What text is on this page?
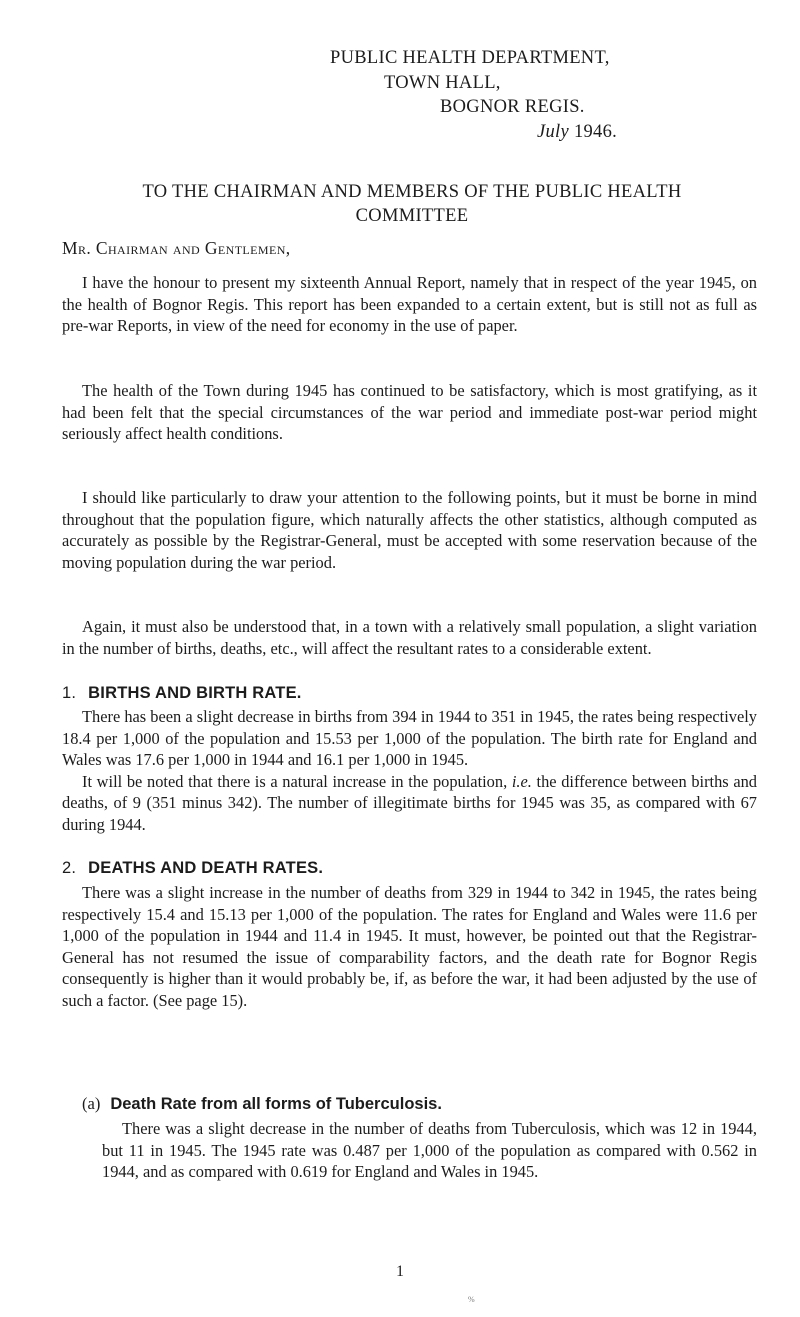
PUBLIC HEALTH DEPARTMENT,
TOWN HALL,
BOGNOR REGIS.
July 1946.
TO THE CHAIRMAN AND MEMBERS OF THE PUBLIC HEALTH
COMMITTEE
Mr. Chairman and Gentlemen,

I have the honour to present my sixteenth Annual Report, namely that in respect of the year 1945, on the health of Bognor Regis. This report has been expanded to a certain extent, but is still not as full as pre-war Reports, in view of the need for economy in the use of paper.

The health of the Town during 1945 has continued to be satisfactory, which is most gratifying, as it had been felt that the special circumstances of the war period and immediate post-war period might seriously affect health conditions.

I should like particularly to draw your attention to the following points, but it must be borne in mind throughout that the population figure, which naturally affects the other statistics, although computed as accurately as possible by the Registrar-General, must be accepted with some reservation because of the moving population during the war period.

Again, it must also be understood that, in a town with a relatively small population, a slight variation in the number of births, deaths, etc., will affect the resultant rates to a considerable extent.

1. BIRTHS AND BIRTH RATE.

There has been a slight decrease in births from 394 in 1944 to 351 in 1945, the rates being respectively 18.4 per 1,000 of the population and 15.53 per 1,000 of the population. The birth rate for England and Wales was 17.6 per 1,000 in 1944 and 16.1 per 1,000 in 1945.

It will be noted that there is a natural increase in the population, i.e. the difference between births and deaths, of 9 (351 minus 342). The number of illegitimate births for 1945 was 35, as compared with 67 during 1944.

2. DEATHS AND DEATH RATES.

There was a slight increase in the number of deaths from 329 in 1944 to 342 in 1945, the rates being respectively 15.4 and 15.13 per 1,000 of the population. The rates for England and Wales were 11.6 per 1,000 of the population in 1944 and 11.4 in 1945. It must, however, be pointed out that the Registrar-General has not resumed the issue of comparability factors, and the death rate for Bognor Regis consequently is higher than it would probably be, if, as before the war, it had been adjusted by the use of such a factor. (See page 15).

(a) Death Rate from all forms of Tuberculosis.

There was a slight decrease in the number of deaths from Tuberculosis, which was 12 in 1944, but 11 in 1945. The 1945 rate was 0.487 per 1,000 of the population as compared with 0.562 in 1944, and as compared with 0.619 for England and Wales in 1945.

1
%
